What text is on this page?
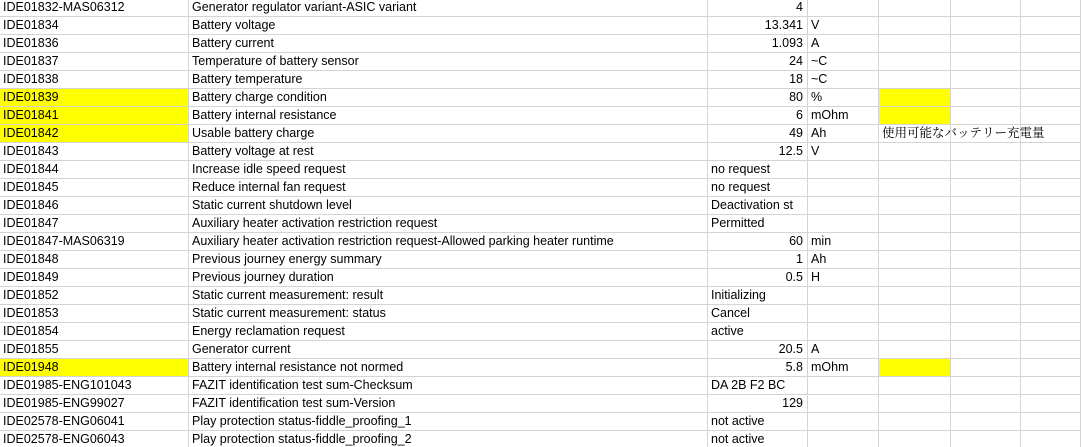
IDE01832-MAS06312	Generator regulator variant-ASIC variant	4
IDE01834	Battery voltage	13.341 V
IDE01836	Battery current	1.093 A
IDE01837	Temperature of battery sensor	24 ~C
IDE01838	Battery temperature	18 ~C
IDE01839	Battery charge condition	80 %
IDE01841	Battery internal resistance	6 mOhm
IDE01842	Usable battery charge	49 Ah	使用可能なバッテリー充電量
IDE01843	Battery voltage at rest	12.5 V
IDE01844	Increase idle speed request	no request
IDE01845	Reduce internal fan request	no request
IDE01846	Static current shutdown level	Deactivation st
IDE01847	Auxiliary heater activation restriction request	Permitted
IDE01847-MAS06319	Auxiliary heater activation restriction request-Allowed parking heater runtime	60 min
IDE01848	Previous journey energy summary	1 Ah
IDE01849	Previous journey duration	0.5 H
IDE01852	Static current measurement: result	Initializing
IDE01853	Static current measurement: status	Cancel
IDE01854	Energy reclamation request	active
IDE01855	Generator current	20.5 A
IDE01948	Battery internal resistance not normed	5.8 mOhm
IDE01985-ENG101043	FAZIT identification test sum-Checksum	DA 2B F2 BC
IDE01985-ENG99027	FAZIT identification test sum-Version	129
IDE02578-ENG06041	Play protection status-fiddle_proofing_1	not active
IDE02578-ENG06043	Play protection status-fiddle_proofing_2	not active
